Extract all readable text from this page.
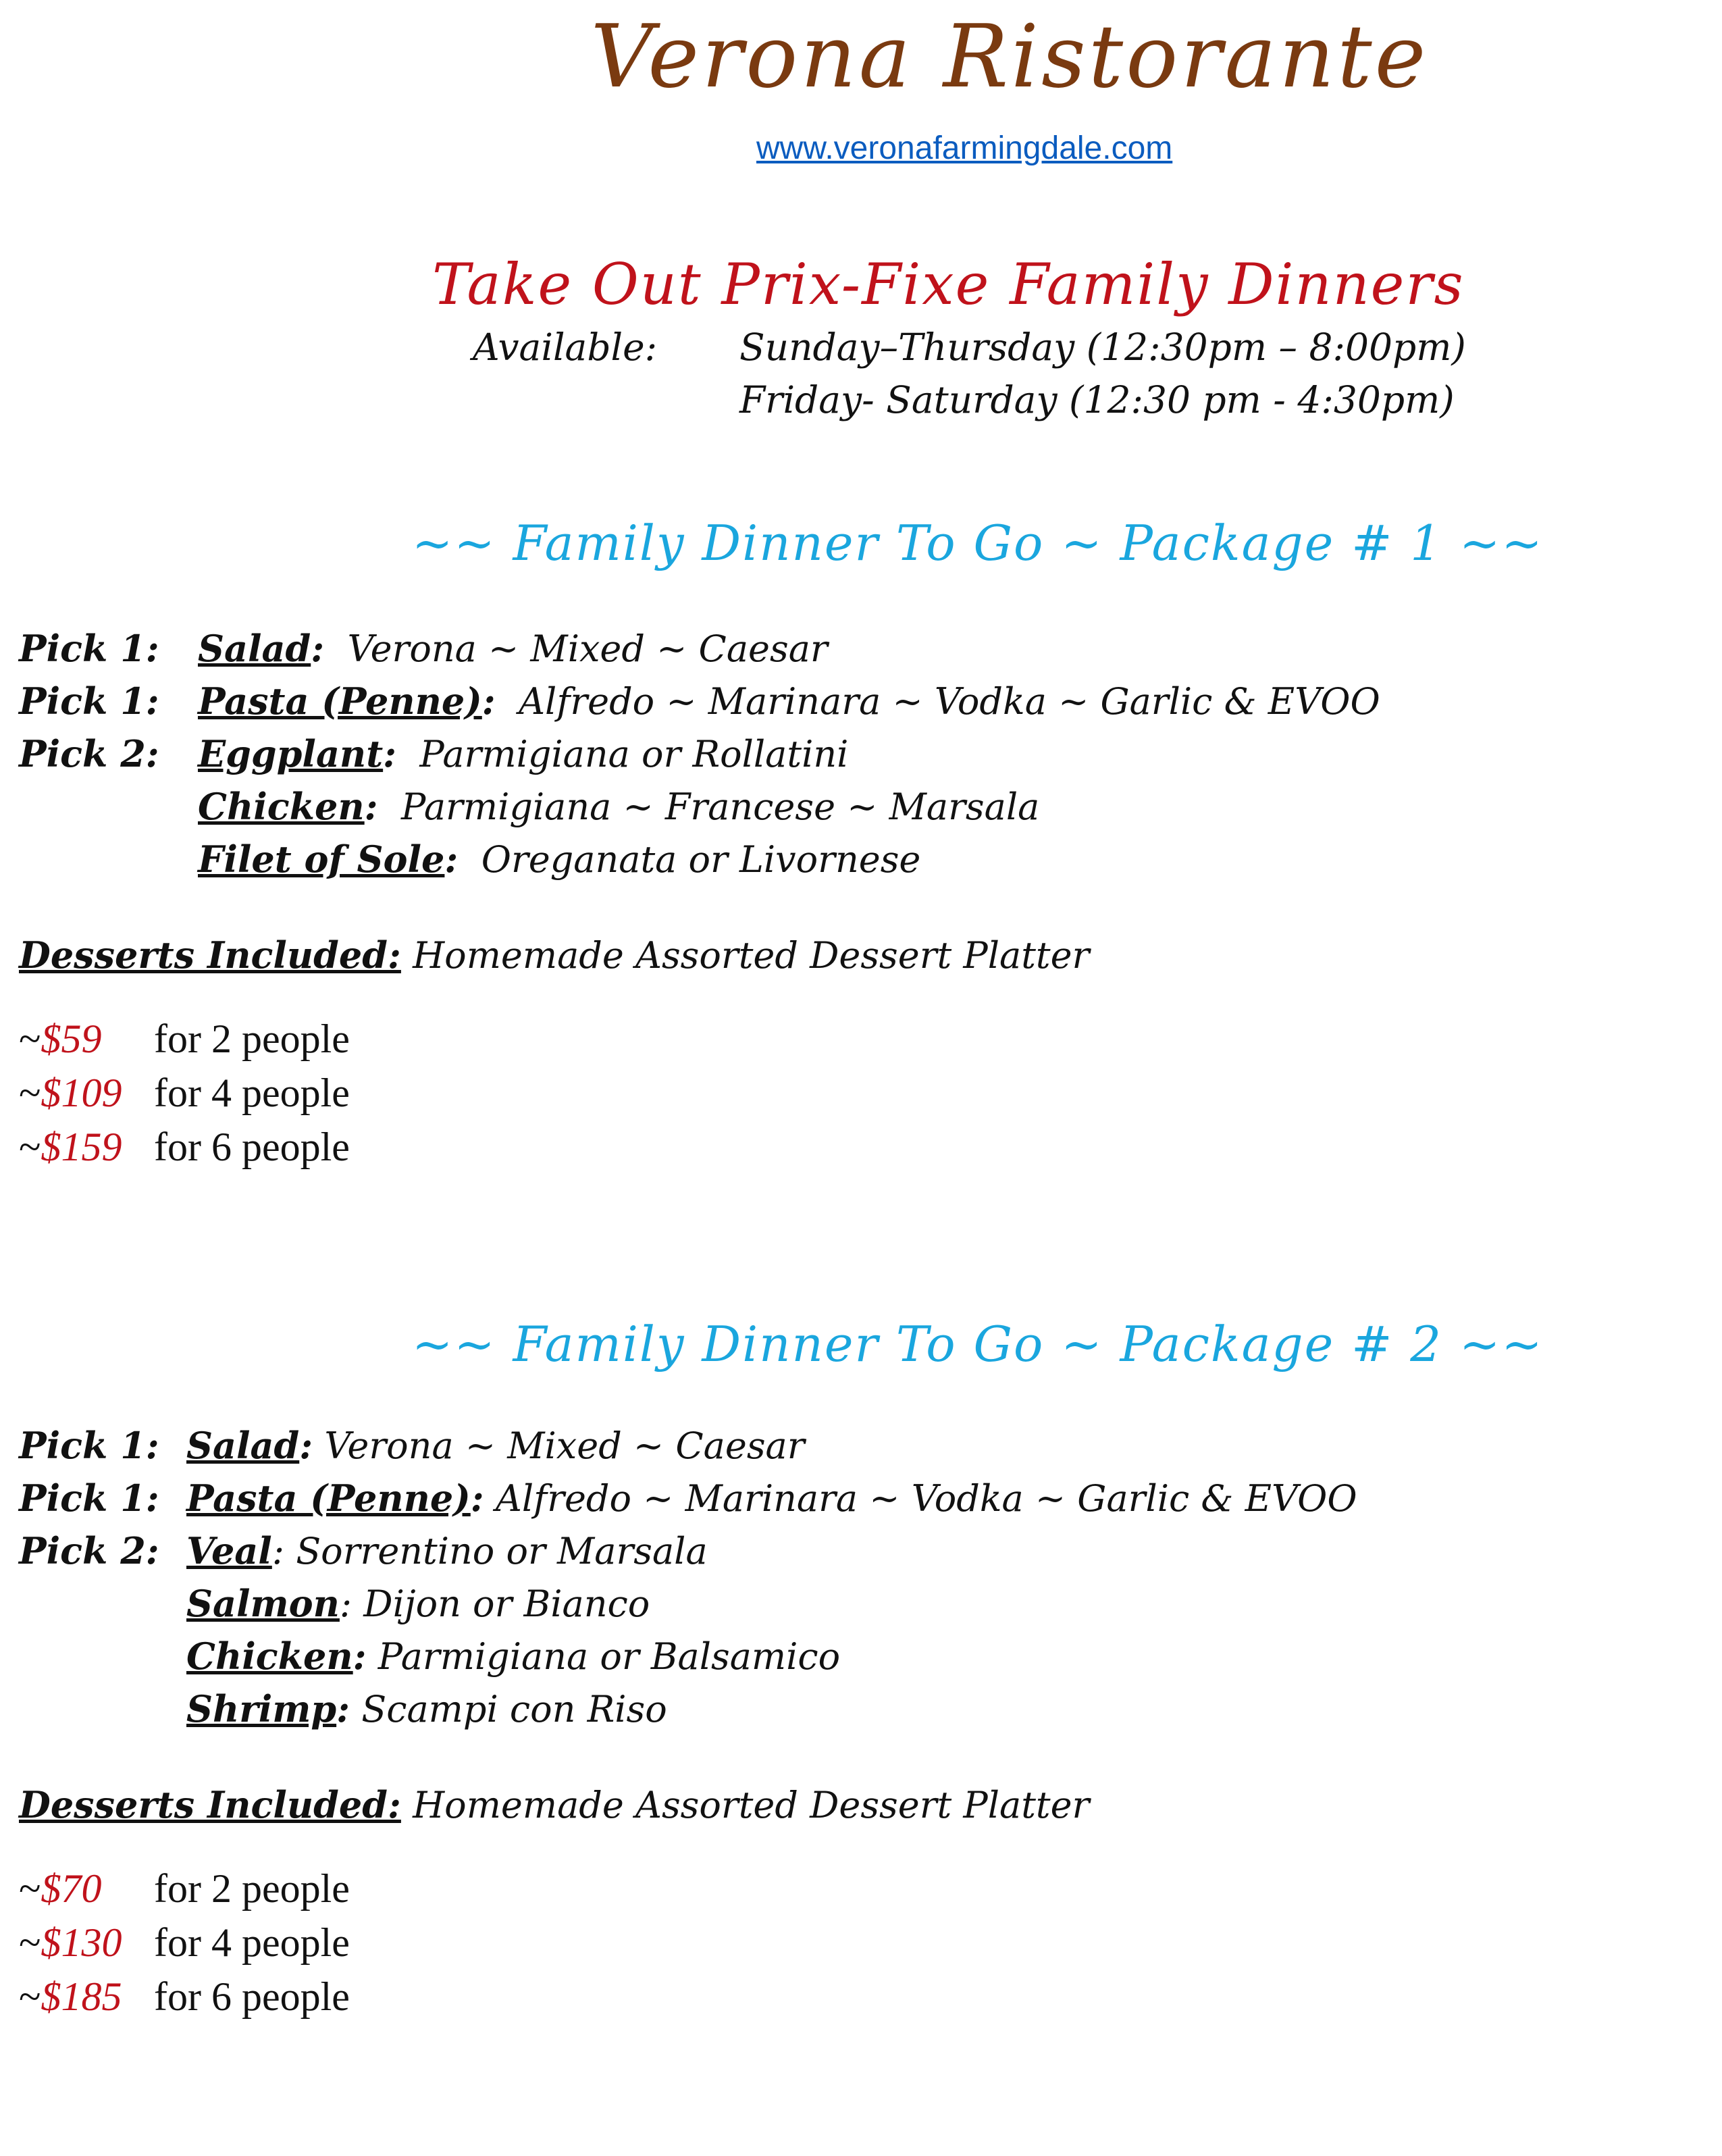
Verona Ristorante
www.veronafarmingdale.com
Take Out Prix-Fixe Family Dinners
Available: Sunday–Thursday (12:30pm – 8:00pm)
Friday- Saturday (12:30 pm - 4:30pm)
~~ Family Dinner To Go ~ Package # 1 ~~
Pick 1: Salad: Verona ~ Mixed ~ Caesar
Pick 1: Pasta (Penne): Alfredo ~ Marinara ~ Vodka ~ Garlic & EVOO
Pick 2: Eggplant: Parmigiana or Rollatini
Chicken: Parmigiana ~ Francese ~ Marsala
Filet of Sole: Oreganata or Livornese
Desserts Included: Homemade Assorted Dessert Platter
~$59 for 2 people
~$109 for 4 people
~$159 for 6 people
~~ Family Dinner To Go ~ Package # 2 ~~
Pick 1: Salad: Verona ~ Mixed ~ Caesar
Pick 1: Pasta (Penne): Alfredo ~ Marinara ~ Vodka ~ Garlic & EVOO
Pick 2: Veal: Sorrentino or Marsala
Salmon: Dijon or Bianco
Chicken: Parmigiana or Balsamico
Shrimp: Scampi con Riso
Desserts Included: Homemade Assorted Dessert Platter
~$70 for 2 people
~$130 for 4 people
~$185 for 6 people
